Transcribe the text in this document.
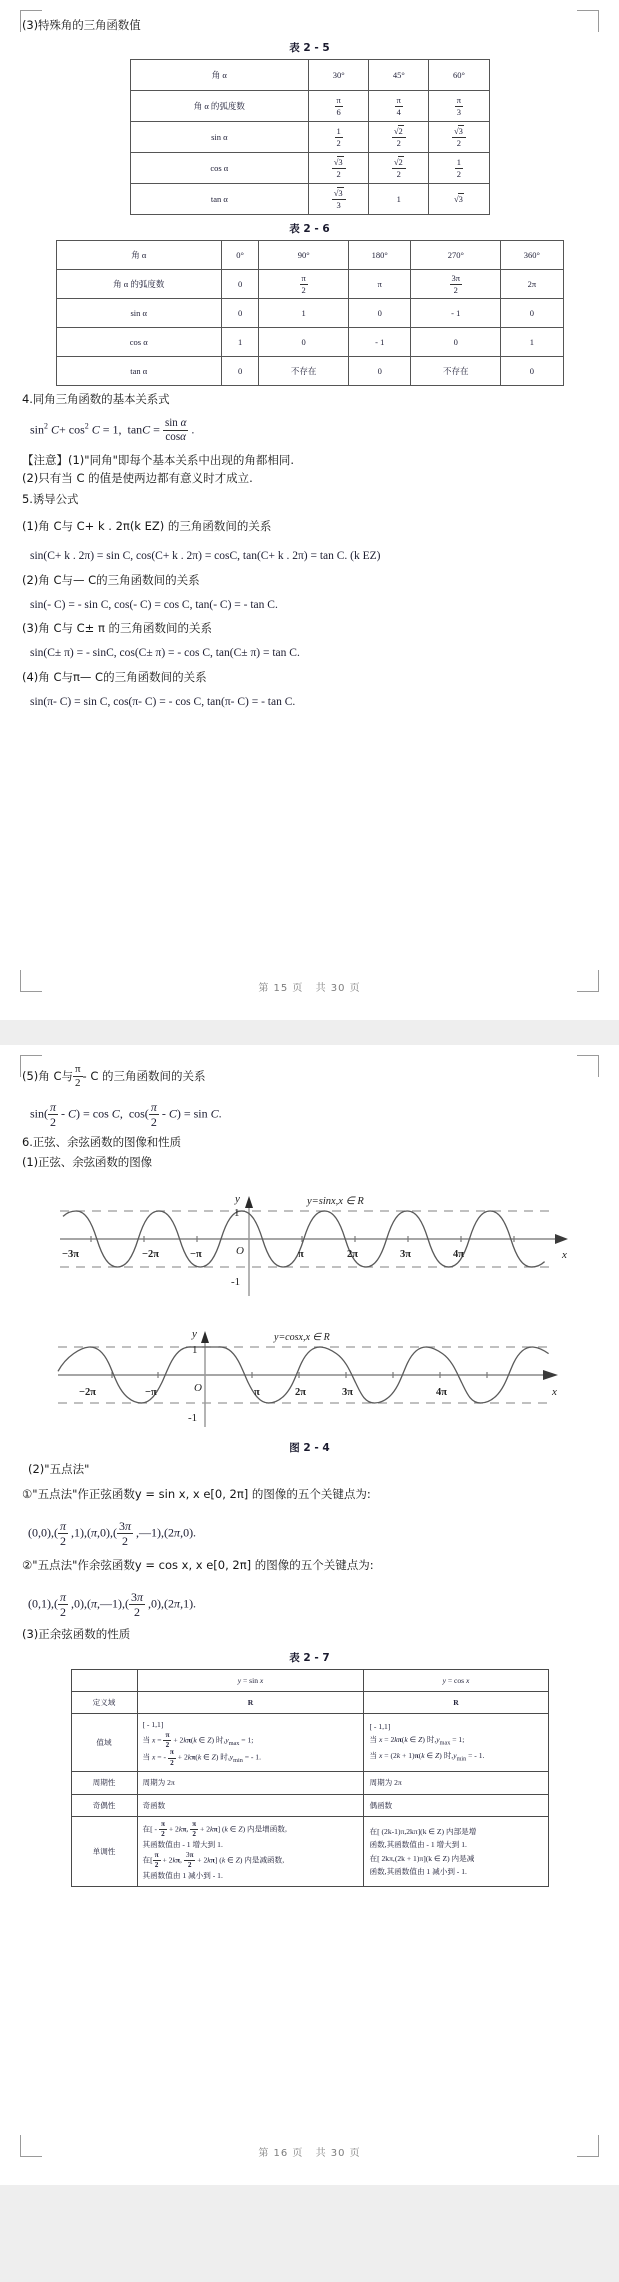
(3)特殊角的三角函数值
表 2 - 5
角 α	30°	45°	60°
角 α 的弧度数	$\frac{\pi}{6}$	$\frac{\pi}{4}$	$\frac{\pi}{3}$

sin α	$\frac{1}{2}$	$\frac{√2}{2}$	$\frac{√3}{2}$

cos α	$\frac{√3}{2}$	$\frac{√2}{2}$	$\frac{1}{2}$

tan α	$\frac{√3}{3}$	1	√3
表 2 - 6
角 α	0°	90°	180°	270°	360°
角 α 的弧度数	0	$\frac{\pi}{2}$	π	$\frac{3\pi}{2}$	2π
sin α	0	1	0	- 1	0
cos α	1	0	- 1	0	1
tan α	0	不存在	0	不存在	0
4.同角三角函数的基本关系式
$\sin^2 C+ \cos^2 C = 1$,  $\tan C = \frac{\text{sin α}}{\cos\alpha}$ .
【注意】(1)"同角"即每个基本关系中出现的角都相同.
(2)只有当 C 的值是使两边都有意义时才成立.
5.诱导公式
(1)角 C与 C+ k . 2π(k EZ) 的三角函数间的关系
sin(C+ k . 2π) = sin C, cos(C+ k . 2π) = cosC, tan(C+ k . 2π) = tan C. (k EZ)
(2)角 C与— C的三角函数间的关系
sin(- C) = - sin C, cos(- C) = cos C, tan(- C) = - tan C.
(3)角 C与 C± π 的三角函数间的关系
sin(C± π) = - sinC, cos(C± π) = - cos C, tan(C± π) = tan C.
(4)角 C与π— C的三角函数间的关系
sin(π- C) = sin C, cos(π- C) = - cos C, tan(π- C) = - tan C.
第 15 页 共 30 页
(5)角 C与 $\frac{\pi}{2}$ - C 的三角函数间的关系
$\sin( \frac{\pi}{2} - C) = \cos C$,  $\cos( \frac{\pi}{2} - C) = \sin C$.
6.正弦、余弦函数的图像和性质
(1)正弦、余弦函数的图像
y
1
-1
O	x
−3π	−2π	−π	π	2π	3π	4π
y=sinx,x ∈ R
y
1
-1
O	x
−2π	−π	π	2π	3π	4π
y=cosx,x ∈ R
图 2 - 4
(2)"五点法"
①"五点法"作正弦函数y = sin x, x e[0, 2π] 的图像的五个关键点为:
$(0,0),( \frac{\pi}{2} ,1),(\pi,0),( \frac{3\pi}{2}$ ,—1),(2π,0).
②"五点法"作余弦函数y = cos x, x e[0, 2π] 的图像的五个关键点为:
$(0,1),( \frac{\pi}{2}$ ,0),(π,—1),( $\frac{3\pi}{2} ,0),(2\pi,1)$.
(3)正余弦函数的性质
表 2 - 7
	y = sin x	y = cos x
定义域	R	R
值域	
[ - 1,1]
当 $x = \frac{\pi}{2} + 2k\pi(k$ ∈ Z) 时$,y_{max} = 1$;
当 x = - $\frac{\pi}{2} + 2k\pi(k$ ∈ Z) 时$,y_{min}$ = - 1.

[ - 1,1]
当 x = 2kπ(k ∈ Z) 时$,y_{max} = 1$;
当 x = (2k + 1)π(k ∈ Z) 时$,y_{min}$ = - 1.

周期性	周期为 2π	周期为 2π
奇偶性	奇函数	偶函数
单调性	
在[ - $\frac{\pi}{2} + 2k\pi$, $\frac{\pi}{2} + 2k\pi$] (k ∈ Z) 内是增函数,
其函数值由 - 1 增大到 1.
在[ $\frac{\pi}{2} + 2k\pi$, $\frac{3\pi}{2} + 2k\pi$] (k ∈ Z) 内是减函数,
其函数值由 1 减小到 - 1.

在[ (2k-1)π,2kπ](k ∈ Z) 内部是增
函数,其函数值由 - 1 增大到 1.
在[ 2kπ,(2k + 1)π](k ∈ Z) 内是减
函数,其函数值由 1 减小到 - 1.
第 16 页 共 30 页
